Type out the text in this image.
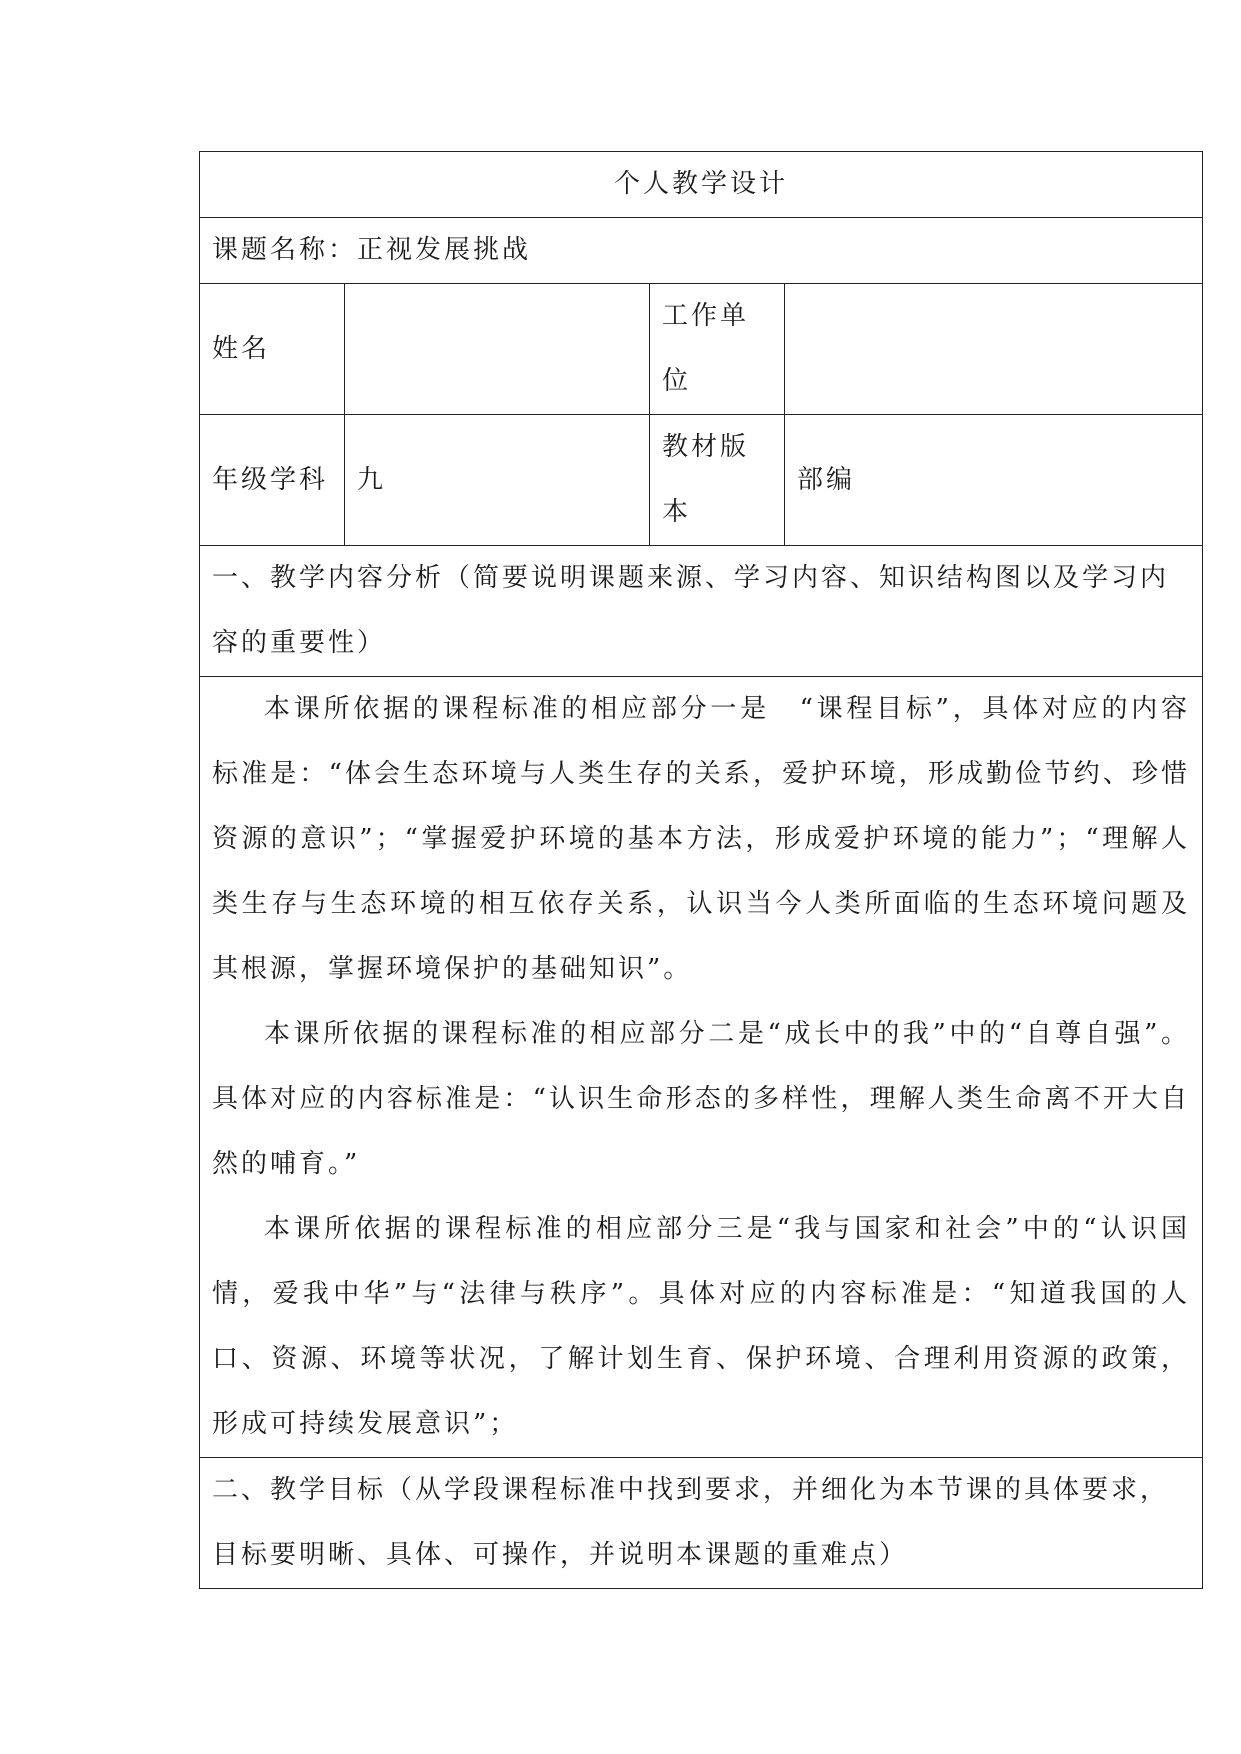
个人教学设计			
课题名称：正视发展挑战			
姓名		工作单位	
年级学科	九	教材版本	部编
一、教学内容分析（简要说明课题来源、学习内容、知识结构图以及学习内容的重要性）			

本课所依据的课程标准的相应部分一是　“课程目标”，具体对应的内容标准是：“体会生态环境与人类生存的关系，爱护环境，形成勤俭节约、珍惜资源的意识”；“掌握爱护环境的基本方法，形成爱护环境的能力”；“理解人类生存与生态环境的相互依存关系，认识当今人类所面临的生态环境问题及其根源，掌握环境保护的基础知识”。

本课所依据的课程标准的相应部分二是“成长中的我”中的“自尊自强”。具体对应的内容标准是：“认识生命形态的多样性，理解人类生命离不开大自然的哺育。”

本课所依据的课程标准的相应部分三是“我与国家和社会”中的“认识国情，爱我中华”与“法律与秩序”。具体对应的内容标准是：“知道我国的人口、资源、环境等状况，了解计划生育、保护环境、合理利用资源的政策，形成可持续发展意识”；			

二、教学目标（从学段课程标准中找到要求，并细化为本节课的具体要求，目标要明晰、具体、可操作，并说明本课题的重难点）			
